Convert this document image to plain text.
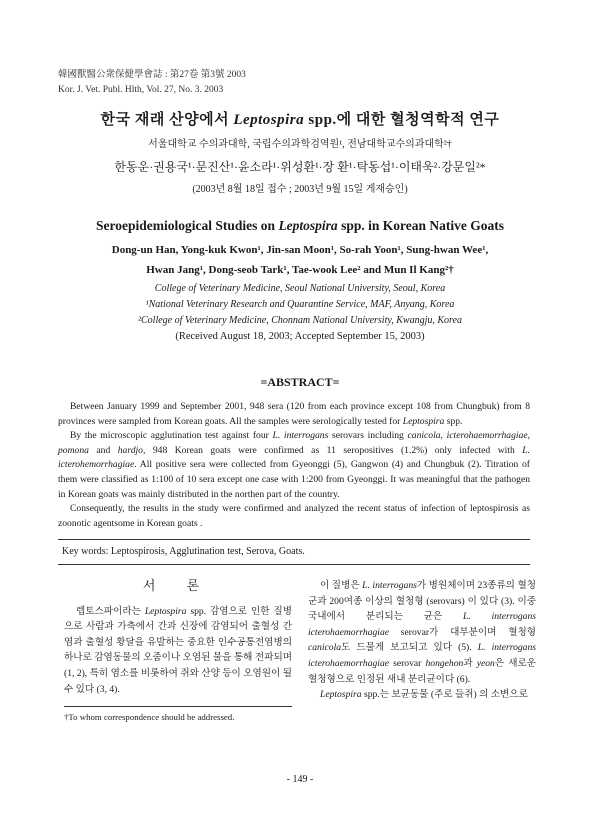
韓國獸醫公衆保健學會誌 : 第27卷 第3號 2003
Kor. J. Vet. Publ. Hlth, Vol. 27, No. 3. 2003
한국 재래 산양에서 Leptospira spp.에 대한 혈청역학적 연구
서울대학교 수의과대학, 국립수의과학검역원¹, 전남대학교수의과대학²†
한동운·권용국¹·문진산¹·윤소라¹·위성환¹·장 환¹·탁동섭¹·이태욱²·강문일²*
(2003년 8월 18일 접수 ; 2003년 9월 15일 게재승인)
Seroepidemiological Studies on Leptospira spp. in Korean Native Goats
Dong-un Han, Yong-kuk Kwon¹, Jin-san Moon¹, So-rah Yoon¹, Sung-hwan Wee¹,
Hwan Jang¹, Dong-seob Tark¹, Tae-wook Lee² and Mun Il Kang²†
College of Veterinary Medicine, Seoul National University, Seoul, Korea
¹National Veterinary Research and Quarantine Service, MAF, Anyang, Korea
²College of Veterinary Medicine, Chonnam National University, Kwangju, Korea
(Received August 18, 2003; Accepted September 15, 2003)
=ABSTRACT=

Between January 1999 and September 2001, 948 sera (120 from each province except 108 from Chungbuk) from 8 provinces were sampled from Korean goats. All the samples were serologically tested for Leptospira spp.

By the microscopic agglutination test against four L. interrogans serovars including canicola, icterohaemorrhagiae, pomona and hardjo, 948 Korean goats were confirmed as 11 seropositives (1.2%) only infected with L. icterohemorrhagiae. All positive sera were collected from Gyeonggi (5), Gangwon (4) and Chungbuk (2). Titration of them were classified as 1:100 of 10 sera except one case with 1:200 from Gyeonggi. It was meaningful that the pathogen in Korean goats was mainly distributed in the northen part of the country.

Consequently, the results in the study were confirmed and analyzed the recent status of infection of leptospirosis as zoonotic agentsome in Korean goats .

Key words: Leptospirosis, Agglutination test, Serova, Goats.
서 론

렙토스파이라는 Leptospira spp. 감염으로 인한 질병으로 사람과 가축에서 간과 신장에 감염되어 출혈성 간염과 출혈성 황달을 유발하는 중요한 인수공통전염병의 하나로 감염동물의 오줌이나 오염된 물을 통해 전파되며 (1, 2), 특히 염소를 비롯하여 쥐와 산양 등이 오염원이 될 수 있다 (3, 4).

이 질병은 L. interrogans가 병원체이며 23종류의 혈청군과 200여종 이상의 혈청형 (serovars) 이 있다 (3). 이중 국내에서 분리되는 균은 L. interrogans icterohaemorrhagiae serovar가 대부분이며 혈청형 canicola도 드물게 보고되고 있다 (5). L. interrogans icterohaemorrhagiae serovar hongehon과 yeon은 새로운 혈청형으로 인정된 새내 분리균이다 (6).

Leptospira spp.는 보균동물 (주로 들쥐) 의 소변으로

†To whom correspondence should be addressed.
- 149 -
